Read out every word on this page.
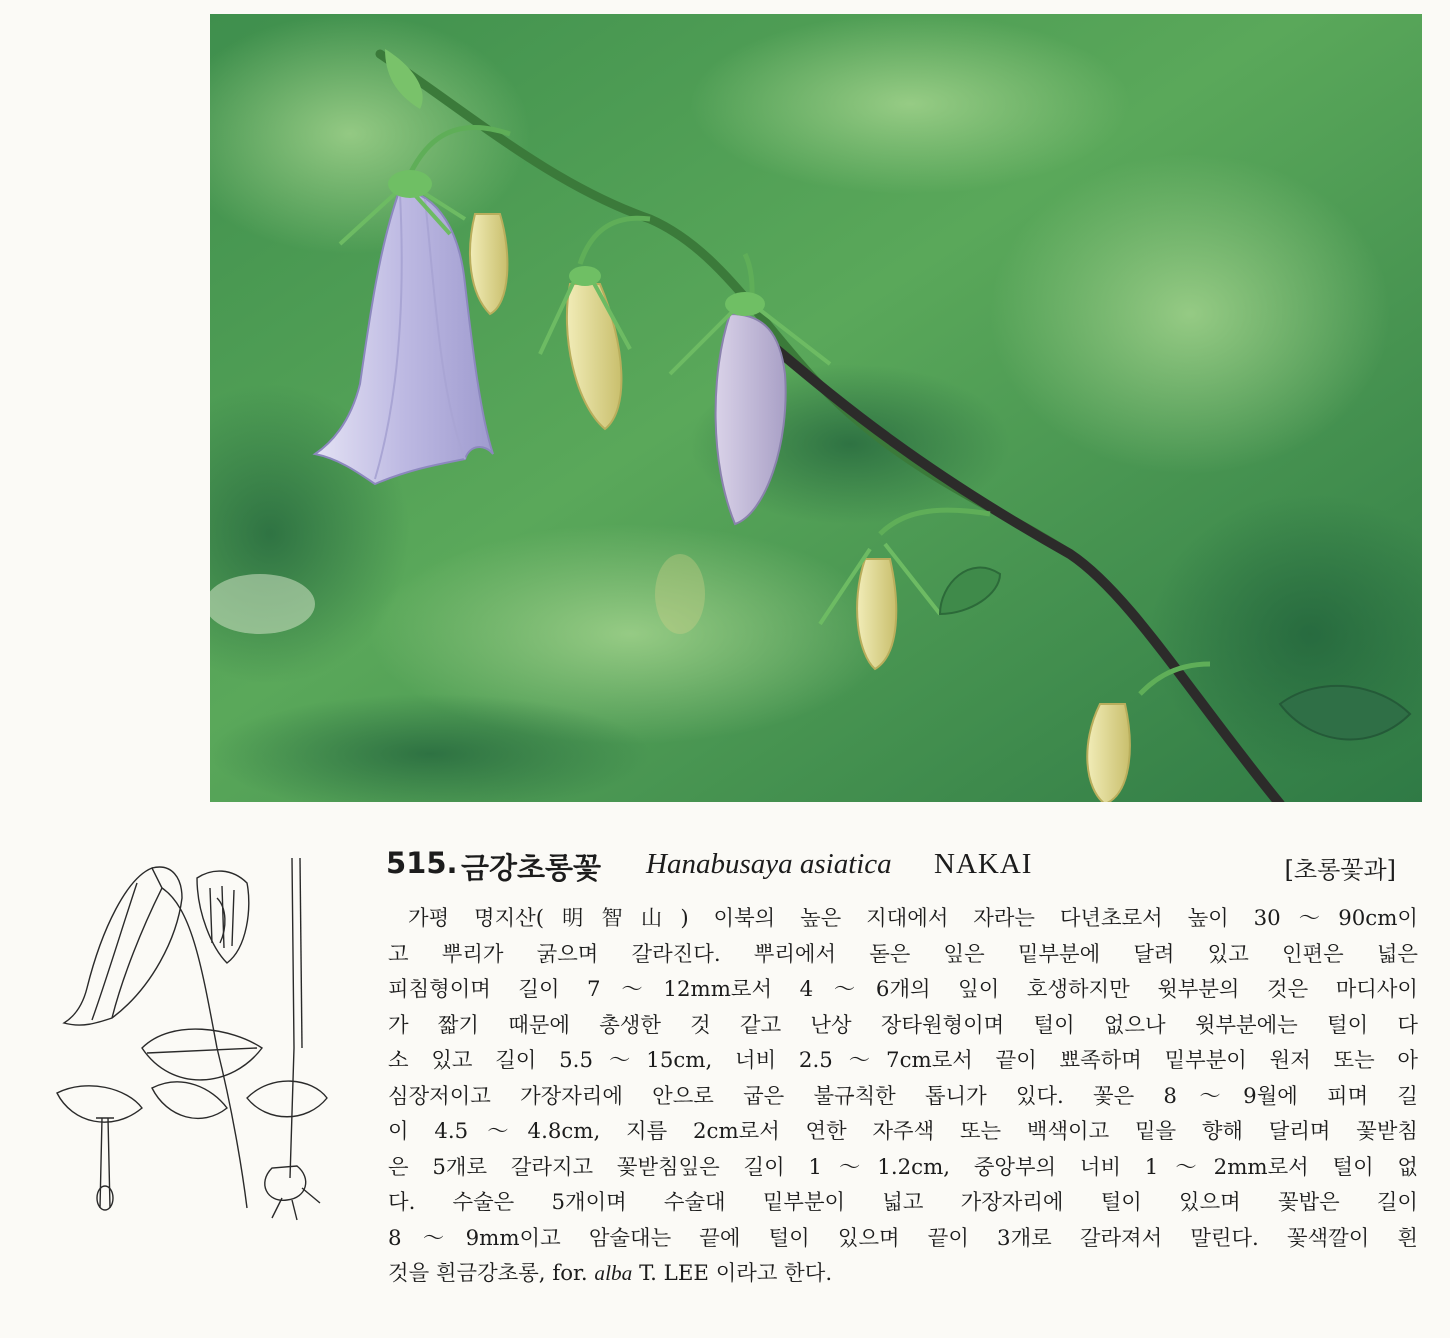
515. 금강초롱꽃 Hanabusaya asiatica NAKAI	[초롱꽃과]
가평 명지산(明智山) 이북의 높은 지대에서 자라는 다년초로서 높이 30～90cm이
고 뿌리가 굵으며 갈라진다. 뿌리에서 돋은 잎은 밑부분에 달려 있고 인편은 넓은
피침형이며 길이 7～12mm로서 4～6개의 잎이 호생하지만 윗부분의 것은 마디사이
가 짧기 때문에 총생한 것 같고 난상 장타원형이며 털이 없으나 윗부분에는 털이 다
소 있고 길이 5.5～15cm, 너비 2.5～7cm로서 끝이 뾰족하며 밑부분이 원저 또는 아
심장저이고 가장자리에 안으로 굽은 불규칙한 톱니가 있다. 꽃은 8～9월에 피며 길
이 4.5～4.8cm, 지름 2cm로서 연한 자주색 또는 백색이고 밑을 향해 달리며 꽃받침
은 5개로 갈라지고 꽃받침잎은 길이 1～1.2cm, 중앙부의 너비 1～2mm로서 털이 없
다. 수술은 5개이며 수술대 밑부분이 넓고 가장자리에 털이 있으며 꽃밥은 길이
8～9mm이고 암술대는 끝에 털이 있으며 끝이 3개로 갈라져서 말린다. 꽃색깔이 흰
것을 흰금강초롱, for. alba T. LEE 이라고 한다.
